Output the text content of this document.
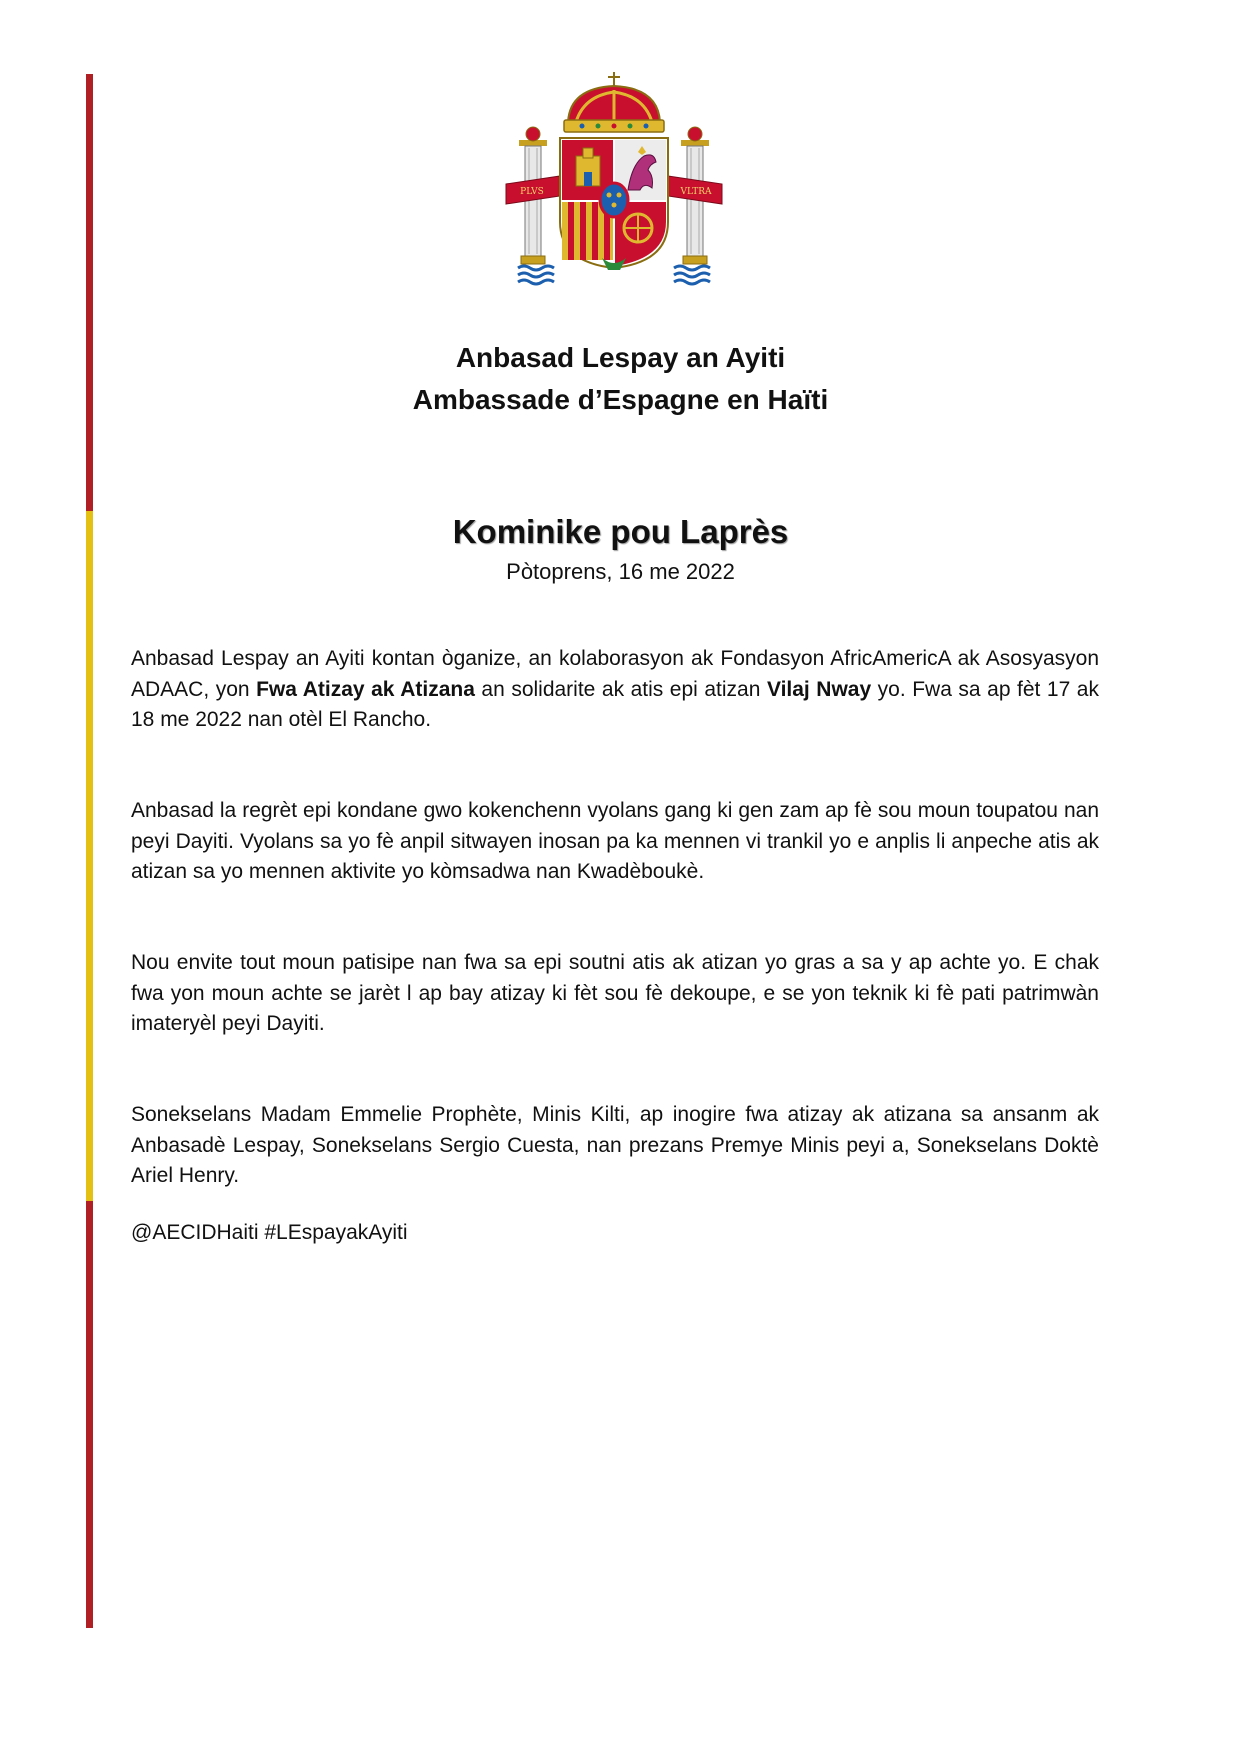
PLVS	VLTRA
Anbasad Lespay an Ayiti
Ambassade d’Espagne en Haïti
Kominike pou Laprès
Pòtoprens, 16 me 2022

Anbasad Lespay an Ayiti kontan òganize, an kolaborasyon ak Fondasyon AfricAmericA ak Asosyasyon ADAAC, yon Fwa Atizay ak Atizana an solidarite ak atis epi atizan Vilaj Nway yo. Fwa sa ap fèt 17 ak 18 me 2022 nan otèl El Rancho.

Anbasad la regrèt epi kondane gwo kokenchenn vyolans gang ki gen zam ap fè sou moun toupatou nan peyi Dayiti. Vyolans sa yo fè anpil sitwayen inosan pa ka mennen vi trankil yo e anplis li anpeche atis ak atizan sa yo mennen aktivite yo kòmsadwa nan Kwadèboukè.

Nou envite tout moun patisipe nan fwa sa epi soutni atis ak atizan yo gras a sa y ap achte yo. E chak fwa yon moun achte se jarèt l ap bay atizay ki fèt sou fè dekoupe, e se yon teknik ki fè pati patrimwàn imateryèl peyi Dayiti.

Sonekselans Madam Emmelie Prophète, Minis Kilti, ap inogire fwa atizay ak atizana sa ansanm ak Anbasadè Lespay, Sonekselans Sergio Cuesta, nan prezans Premye Minis peyi a, Sonekselans Doktè Ariel Henry.

@AECIDHaiti #LEspayakAyiti
